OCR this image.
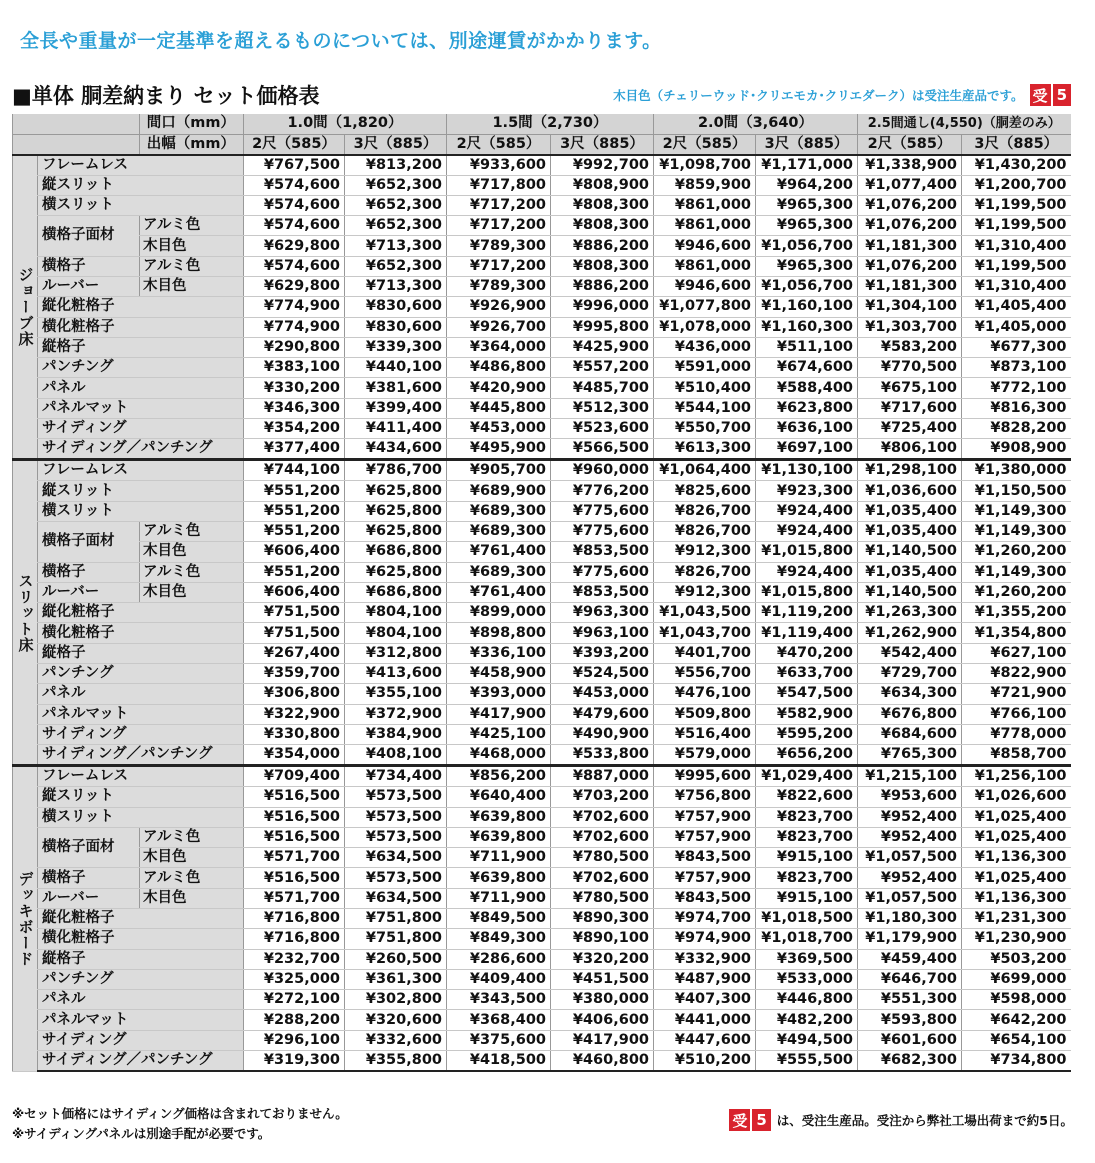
全長や重量が一定基準を超えるものについては、別途運賃がかかります。
■単体 胴差納まり セット価格表	木目色（チェリーウッド･クリエモカ･クリエダーク）は受注生産品です。 受 5
		間口（mm）	1.0間（1,820）		1.5間（2,730）		2.0間（3,640）		2.5間通し(4,550)（胴差のみ）	
		出幅（mm）	2尺（585）	3尺（885）	2尺（585）	3尺（885）	2尺（585）	3尺（885）	2尺（585）	3尺（885）
ジョーブ床	フレームレス		¥767,500	¥813,200	¥933,600	¥992,700	¥1,098,700	¥1,171,000	¥1,338,900	¥1,430,200
	縦スリット		¥574,600	¥652,300	¥717,800	¥808,900	¥859,900	¥964,200	¥1,077,400	¥1,200,700
	横スリット		¥574,600	¥652,300	¥717,200	¥808,300	¥861,000	¥965,300	¥1,076,200	¥1,199,500
	横格子面材	アルミ色	¥574,600	¥652,300	¥717,200	¥808,300	¥861,000	¥965,300	¥1,076,200	¥1,199,500
		木目色	¥629,800	¥713,300	¥789,300	¥886,200	¥946,600	¥1,056,700	¥1,181,300	¥1,310,400
	横格子	アルミ色	¥574,600	¥652,300	¥717,200	¥808,300	¥861,000	¥965,300	¥1,076,200	¥1,199,500
	ルーバー	木目色	¥629,800	¥713,300	¥789,300	¥886,200	¥946,600	¥1,056,700	¥1,181,300	¥1,310,400
	縦化粧格子		¥774,900	¥830,600	¥926,900	¥996,000	¥1,077,800	¥1,160,100	¥1,304,100	¥1,405,400
	横化粧格子		¥774,900	¥830,600	¥926,700	¥995,800	¥1,078,000	¥1,160,300	¥1,303,700	¥1,405,000
	縦格子		¥290,800	¥339,300	¥364,000	¥425,900	¥436,000	¥511,100	¥583,200	¥677,300
	パンチング		¥383,100	¥440,100	¥486,800	¥557,200	¥591,000	¥674,600	¥770,500	¥873,100
	パネル		¥330,200	¥381,600	¥420,900	¥485,700	¥510,400	¥588,400	¥675,100	¥772,100
	パネルマット		¥346,300	¥399,400	¥445,800	¥512,300	¥544,100	¥623,800	¥717,600	¥816,300
	サイディング		¥354,200	¥411,400	¥453,000	¥523,600	¥550,700	¥636,100	¥725,400	¥828,200
	サイディング／パンチング		¥377,400	¥434,600	¥495,900	¥566,500	¥613,300	¥697,100	¥806,100	¥908,900
スリット床	フレームレス		¥744,100	¥786,700	¥905,700	¥960,000	¥1,064,400	¥1,130,100	¥1,298,100	¥1,380,000
	縦スリット		¥551,200	¥625,800	¥689,900	¥776,200	¥825,600	¥923,300	¥1,036,600	¥1,150,500
	横スリット		¥551,200	¥625,800	¥689,300	¥775,600	¥826,700	¥924,400	¥1,035,400	¥1,149,300
	横格子面材	アルミ色	¥551,200	¥625,800	¥689,300	¥775,600	¥826,700	¥924,400	¥1,035,400	¥1,149,300
		木目色	¥606,400	¥686,800	¥761,400	¥853,500	¥912,300	¥1,015,800	¥1,140,500	¥1,260,200
	横格子	アルミ色	¥551,200	¥625,800	¥689,300	¥775,600	¥826,700	¥924,400	¥1,035,400	¥1,149,300
	ルーバー	木目色	¥606,400	¥686,800	¥761,400	¥853,500	¥912,300	¥1,015,800	¥1,140,500	¥1,260,200
	縦化粧格子		¥751,500	¥804,100	¥899,000	¥963,300	¥1,043,500	¥1,119,200	¥1,263,300	¥1,355,200
	横化粧格子		¥751,500	¥804,100	¥898,800	¥963,100	¥1,043,700	¥1,119,400	¥1,262,900	¥1,354,800
	縦格子		¥267,400	¥312,800	¥336,100	¥393,200	¥401,700	¥470,200	¥542,400	¥627,100
	パンチング		¥359,700	¥413,600	¥458,900	¥524,500	¥556,700	¥633,700	¥729,700	¥822,900
	パネル		¥306,800	¥355,100	¥393,000	¥453,000	¥476,100	¥547,500	¥634,300	¥721,900
	パネルマット		¥322,900	¥372,900	¥417,900	¥479,600	¥509,800	¥582,900	¥676,800	¥766,100
	サイディング		¥330,800	¥384,900	¥425,100	¥490,900	¥516,400	¥595,200	¥684,600	¥778,000
	サイディング／パンチング		¥354,000	¥408,100	¥468,000	¥533,800	¥579,000	¥656,200	¥765,300	¥858,700
デッキボード	フレームレス		¥709,400	¥734,400	¥856,200	¥887,000	¥995,600	¥1,029,400	¥1,215,100	¥1,256,100
	縦スリット		¥516,500	¥573,500	¥640,400	¥703,200	¥756,800	¥822,600	¥953,600	¥1,026,600
	横スリット		¥516,500	¥573,500	¥639,800	¥702,600	¥757,900	¥823,700	¥952,400	¥1,025,400
	横格子面材	アルミ色	¥516,500	¥573,500	¥639,800	¥702,600	¥757,900	¥823,700	¥952,400	¥1,025,400
		木目色	¥571,700	¥634,500	¥711,900	¥780,500	¥843,500	¥915,100	¥1,057,500	¥1,136,300
	横格子	アルミ色	¥516,500	¥573,500	¥639,800	¥702,600	¥757,900	¥823,700	¥952,400	¥1,025,400
	ルーバー	木目色	¥571,700	¥634,500	¥711,900	¥780,500	¥843,500	¥915,100	¥1,057,500	¥1,136,300
	縦化粧格子		¥716,800	¥751,800	¥849,500	¥890,300	¥974,700	¥1,018,500	¥1,180,300	¥1,231,300
	横化粧格子		¥716,800	¥751,800	¥849,300	¥890,100	¥974,900	¥1,018,700	¥1,179,900	¥1,230,900
	縦格子		¥232,700	¥260,500	¥286,600	¥320,200	¥332,900	¥369,500	¥459,400	¥503,200
	パンチング		¥325,000	¥361,300	¥409,400	¥451,500	¥487,900	¥533,000	¥646,700	¥699,000
	パネル		¥272,100	¥302,800	¥343,500	¥380,000	¥407,300	¥446,800	¥551,300	¥598,000
	パネルマット		¥288,200	¥320,600	¥368,400	¥406,600	¥441,000	¥482,200	¥593,800	¥642,200
	サイディング		¥296,100	¥332,600	¥375,600	¥417,900	¥447,600	¥494,500	¥601,600	¥654,100
	サイディング／パンチング		¥319,300	¥355,800	¥418,500	¥460,800	¥510,200	¥555,500	¥682,300	¥734,800
※セット価格にはサイディング価格は含まれておりません。
※サイディングパネルは別途手配が必要です。
受 5 は、受注生産品。受注から弊社工場出荷まで約5日。
